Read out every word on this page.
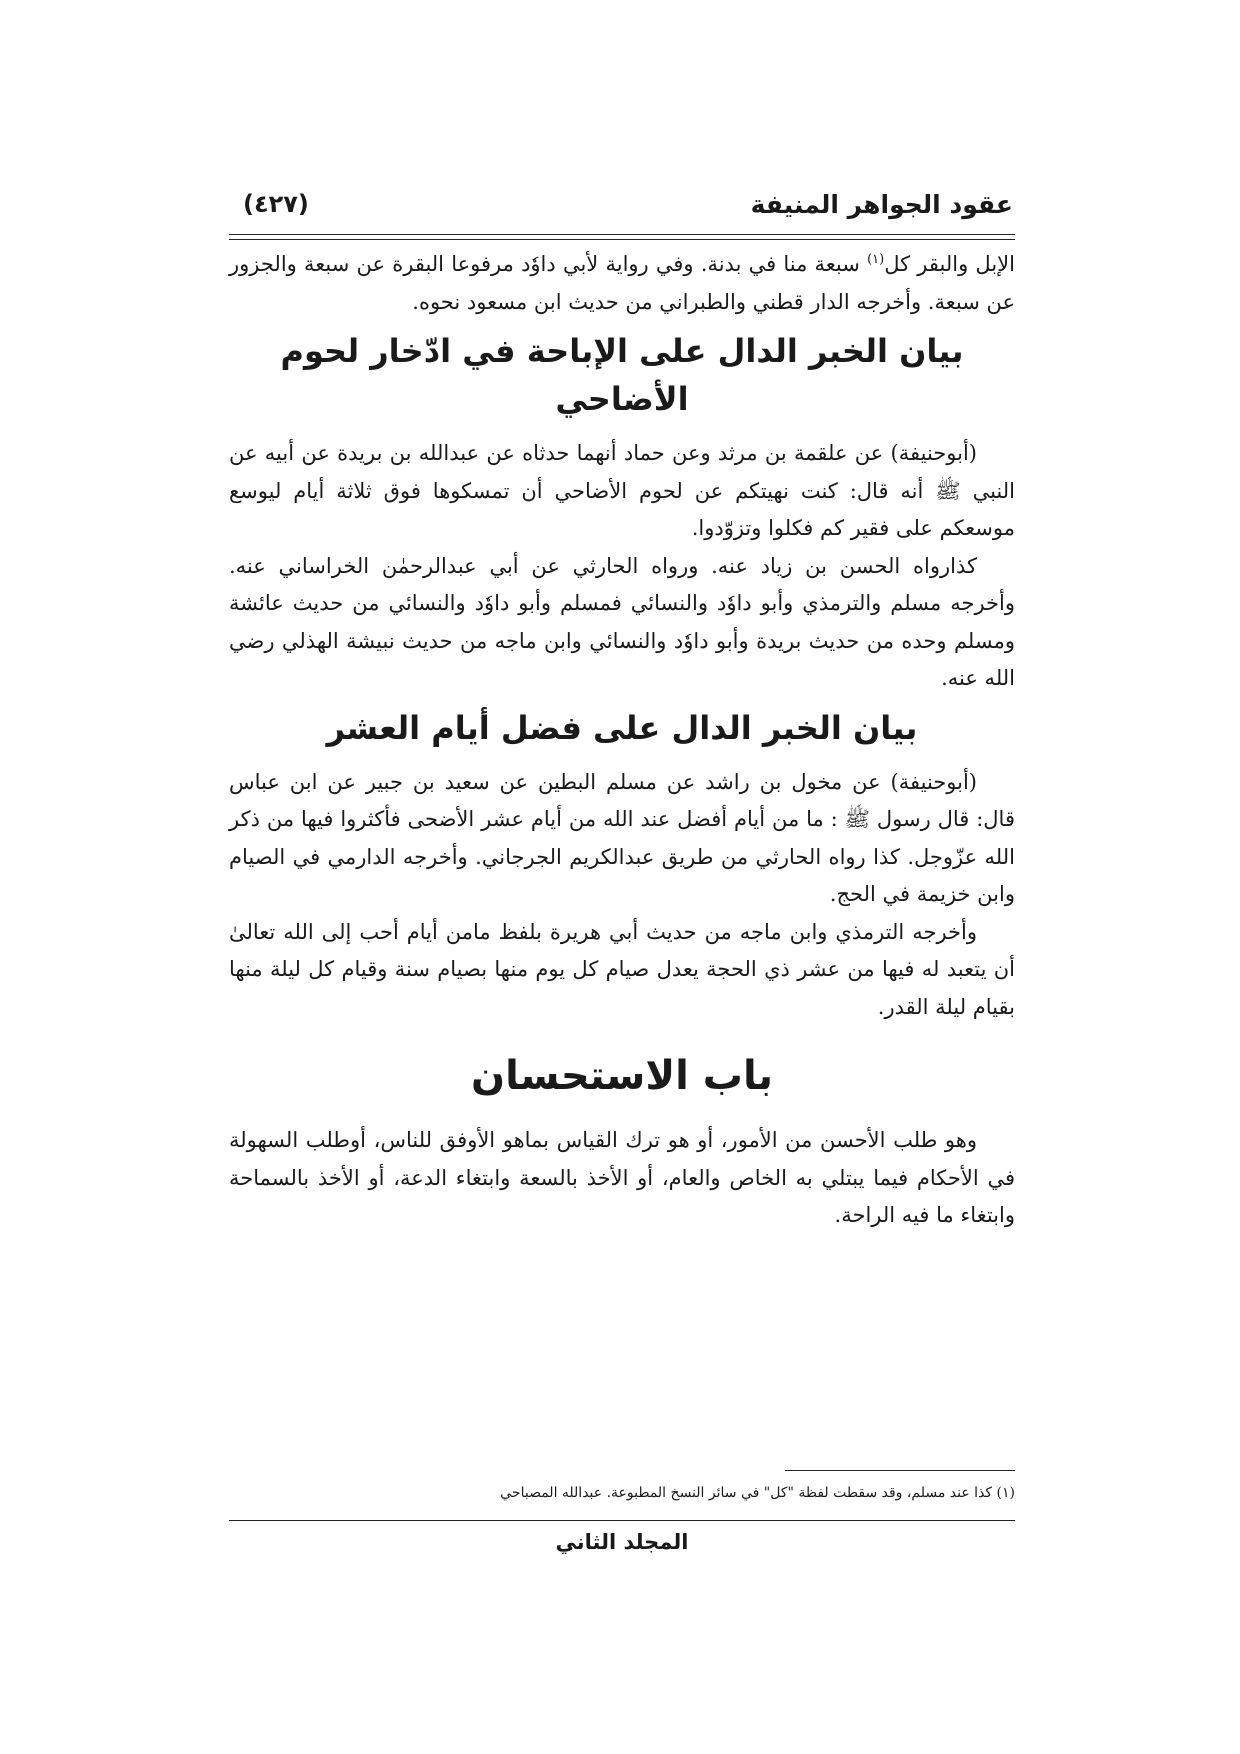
عقود الجواهر المنيفة
(٤٢٧)

الإبل والبقر كل$^{(١)}$ سبعة منا في بدنة. وفي رواية لأبي داوٗد مرفوعا البقرة عن سبعة والجزور عن سبعة. وأخرجه الدار قطني والطبراني من حديث ابن مسعود نحوه.

بيان الخبر الدال على الإباحة في ادّخار لحوم الأضاحي

(أبوحنيفة) عن علقمة بن مرثد وعن حماد أنهما حدثاه عن عبدالله بن بريدة عن أبيه عن النبي ﷺ أنه قال: كنت نهيتكم عن لحوم الأضاحي أن تمسكوها فوق ثلاثة أيام ليوسع موسعكم على فقير كم فكلوا وتزوّدوا.

كذارواه الحسن بن زياد عنه. ورواه الحارثي عن أبي عبدالرحمٰن الخراساني عنه. وأخرجه مسلم والترمذي وأبو داوٗد والنسائي فمسلم وأبو داوٗد والنسائي من حديث عائشة ومسلم وحده من حديث بريدة وأبو داوٗد والنسائي وابن ماجه من حديث نبيشة الهذلي رضي الله عنه.

بيان الخبر الدال على فضل أيام العشر

(أبوحنيفة) عن مخول بن راشد عن مسلم البطين عن سعيد بن جبير عن ابن عباس قال: قال رسول ﷺ : ما من أيام أفضل عند الله من أيام عشر الأضحى فأكثروا فيها من ذكر الله عزّوجل. كذا رواه الحارثي من طريق عبدالكريم الجرجاني. وأخرجه الدارمي في الصيام وابن خزيمة في الحج.

وأخرجه الترمذي وابن ماجه من حديث أبي هريرة بلفظ مامن أيام أحب إلى الله تعالىٰ أن يتعبد له فيها من عشر ذي الحجة يعدل صيام كل يوم منها بصيام سنة وقيام كل ليلة منها بقيام ليلة القدر.

باب الاستحسان

وهو طلب الأحسن من الأمور، أو هو ترك القياس بماهو الأوفق للناس، أوطلب السهولة في الأحكام فيما يبتلي به الخاص والعام، أو الأخذ بالسعة وابتغاء الدعة، أو الأخذ بالسماحة وابتغاء ما فيه الراحة.

(١) كذا عند مسلم، وقد سقطت لفظة "كل" في سائر النسخ المطبوعة. عبدالله المصباحي
المجلد الثاني
